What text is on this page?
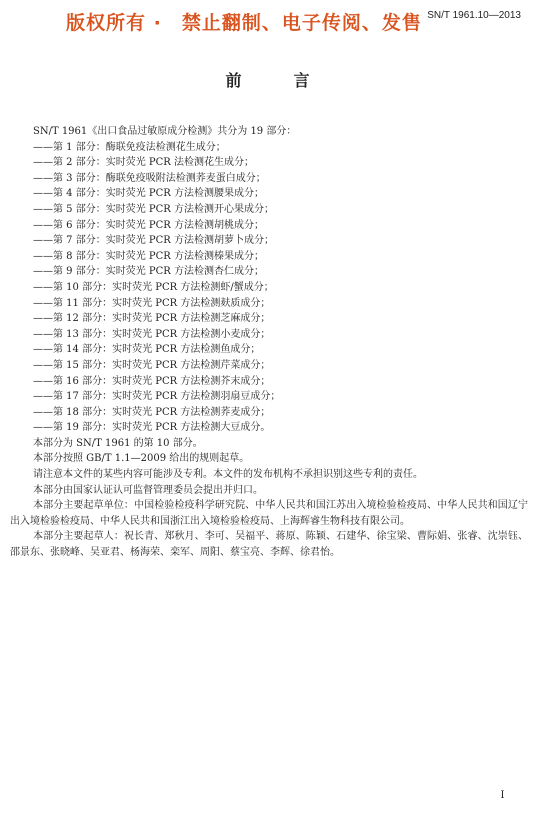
版权所有 ·　禁止翻制、电子传阅、发售 SN/T 1961.10—2013
前　言

SN/T 1961《出口食品过敏原成分检测》共分为 19 部分：

——第 1 部分：酶联免疫法检测花生成分；

——第 2 部分：实时荧光 PCR 法检测花生成分；

——第 3 部分：酶联免疫吸附法检测荞麦蛋白成分；

——第 4 部分：实时荧光 PCR 方法检测腰果成分；

——第 5 部分：实时荧光 PCR 方法检测开心果成分；

——第 6 部分：实时荧光 PCR 方法检测胡桃成分；

——第 7 部分：实时荧光 PCR 方法检测胡萝卜成分；

——第 8 部分：实时荧光 PCR 方法检测榛果成分；

——第 9 部分：实时荧光 PCR 方法检测杏仁成分；

——第 10 部分：实时荧光 PCR 方法检测虾/蟹成分；

——第 11 部分：实时荧光 PCR 方法检测麸质成分；

——第 12 部分：实时荧光 PCR 方法检测芝麻成分；

——第 13 部分：实时荧光 PCR 方法检测小麦成分；

——第 14 部分：实时荧光 PCR 方法检测鱼成分；

——第 15 部分：实时荧光 PCR 方法检测芹菜成分；

——第 16 部分：实时荧光 PCR 方法检测芥末成分；

——第 17 部分：实时荧光 PCR 方法检测羽扇豆成分；

——第 18 部分：实时荧光 PCR 方法检测荞麦成分；

——第 19 部分：实时荧光 PCR 方法检测大豆成分。

本部分为 SN/T 1961 的第 10 部分。

本部分按照 GB/T 1.1—2009 给出的规则起草。

请注意本文件的某些内容可能涉及专利。本文件的发布机构不承担识别这些专利的责任。

本部分由国家认证认可监督管理委员会提出并归口。

本部分主要起草单位：中国检验检疫科学研究院、中华人民共和国江苏出入境检验检疫局、中华人民共和国辽宁出入境检验检疫局、中华人民共和国浙江出入境检验检疫局、上海辉睿生物科技有限公司。

本部分主要起草人：祝长青、郑秋月、李可、吴福平、蒋原、陈颖、石建华、徐宝梁、曹际娟、张睿、沈崇钰、邵景东、张晓峰、吴亚君、杨海荣、栾军、周阳、蔡宝亮、李辉、徐君怡。

I
